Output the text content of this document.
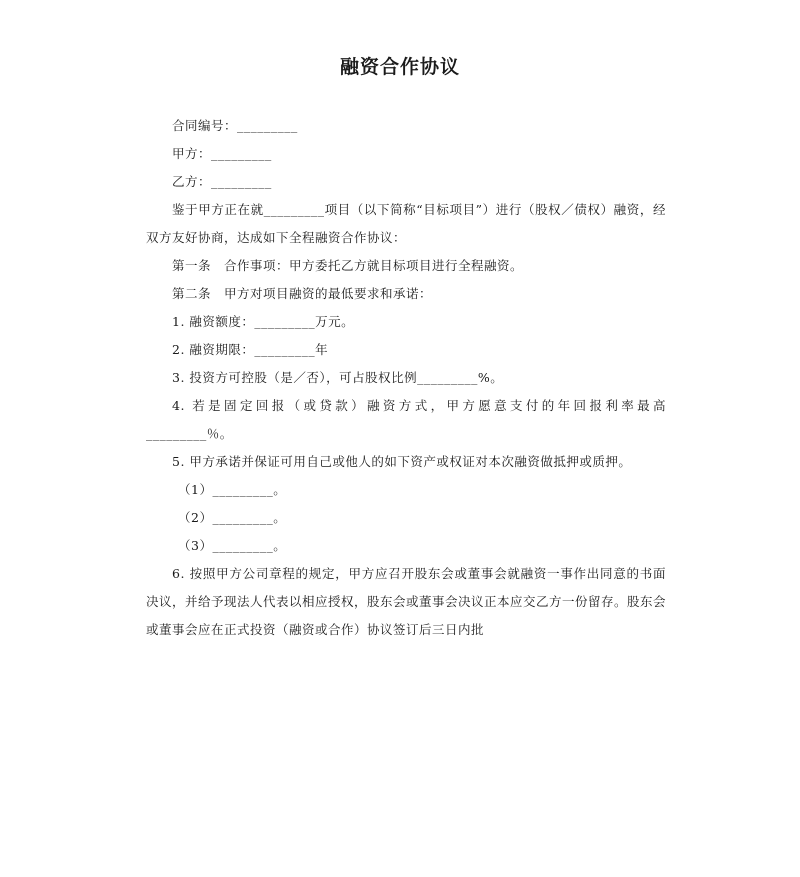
融资合作协议

合同编号：_________

甲方：_________

乙方：_________

鉴于甲方正在就_________项目（以下简称“目标项目”）进行（股权／债权）融资，经双方友好协商，达成如下全程融资合作协议：

第一条　合作事项：甲方委托乙方就目标项目进行全程融资。

第二条　甲方对项目融资的最低要求和承诺：

1. 融资额度：_________万元。

2. 融资期限：_________年

3. 投资方可控股（是／否），可占股权比例_________%。

4. 若是固定回报（或贷款）融资方式，甲方愿意支付的年回报利率最高_________％。

5. 甲方承诺并保证可用自己或他人的如下资产或权证对本次融资做抵押或质押。

（1）_________。

（2）_________。

（3）_________。

6. 按照甲方公司章程的规定，甲方应召开股东会或董事会就融资一事作出同意的书面决议，并给予现法人代表以相应授权，股东会或董事会决议正本应交乙方一份留存。股东会或董事会应在正式投资（融资或合作）协议签订后三日内批
